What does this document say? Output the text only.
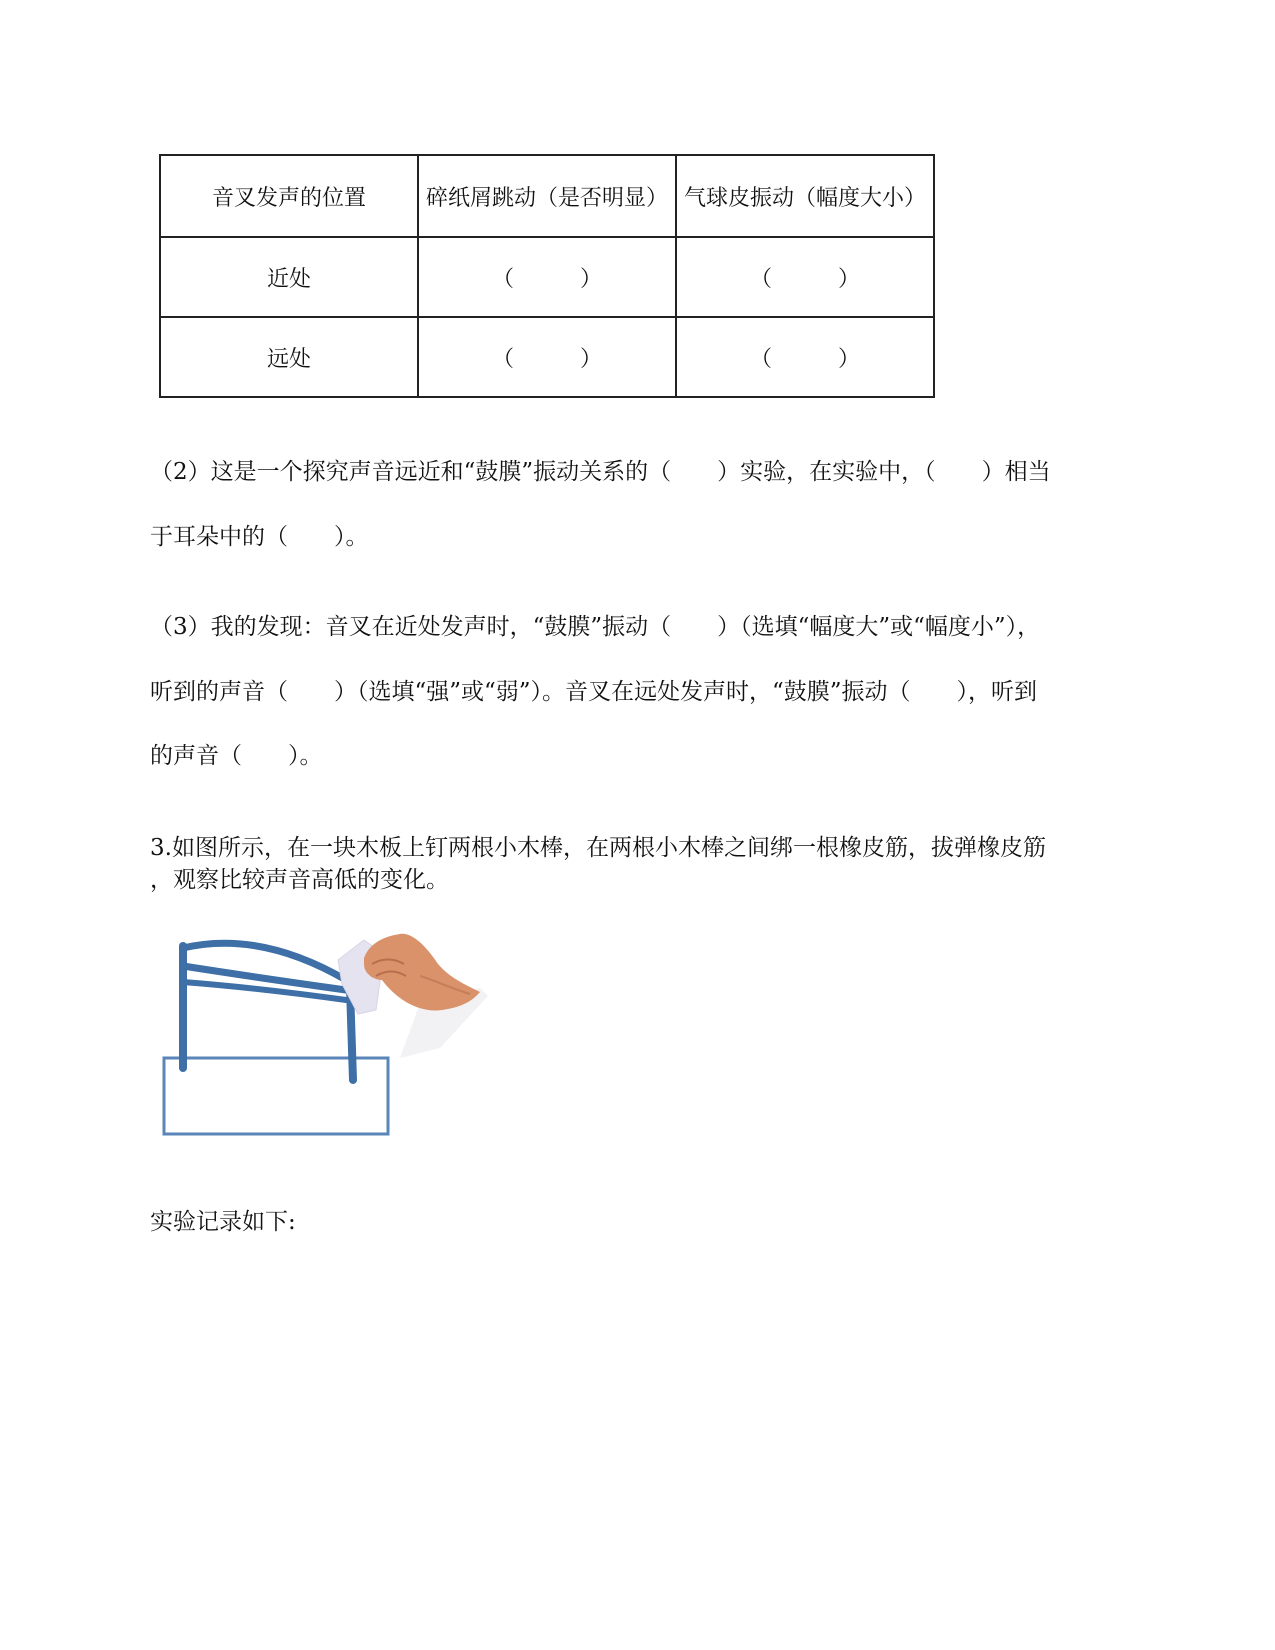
音叉发声的位置	碎纸屑跳动（是否明显）	气球皮振动（幅度大小）
近处	（ ）	（ ）

远处	（ ）	（ ）
（2）这是一个探究声音远近和“鼓膜”振动关系的（　　）实验，在实验中，（　　）相当
于耳朵中的（　　）。
（3）我的发现：音叉在近处发声时，“鼓膜”振动（　　）（选填“幅度大”或“幅度小”），
听到的声音（　　）（选填“强”或“弱”）。音叉在远处发声时，“鼓膜”振动（　　），听到
的声音（　　）。
3.如图所示，在一块木板上钉两根小木棒，在两根小木棒之间绑一根橡皮筋，拔弹橡皮筋
，观察比较声音高低的变化。
实验记录如下:
